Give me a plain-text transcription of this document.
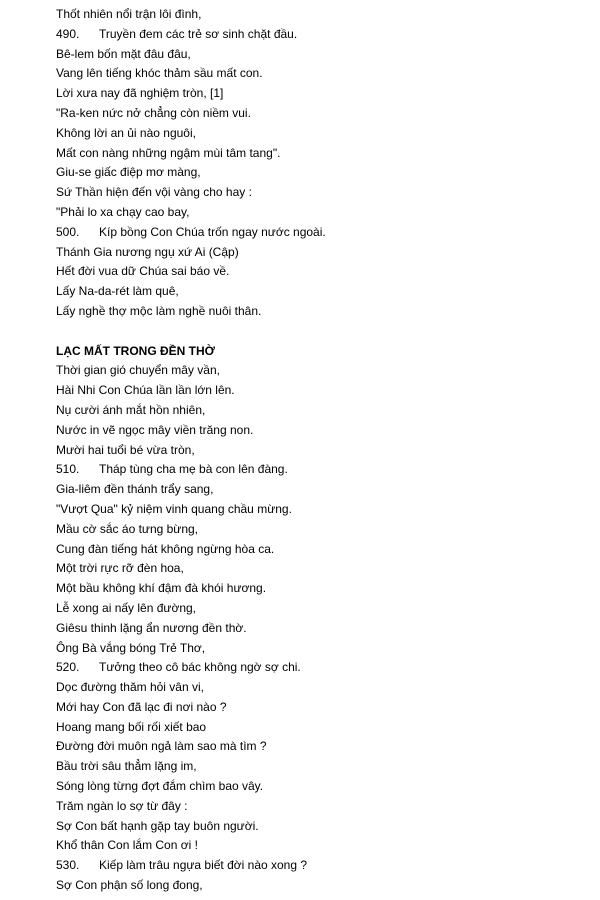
Thốt nhiên nổi trận lôi đình,
490. Truyền đem các trẻ sơ sinh chặt đầu.
Bê-lem bốn mặt đâu đâu,
Vang lên tiếng khóc thảm sầu mất con.
Lời xưa nay đã nghiệm tròn, [1]
"Ra-ken nức nở chẳng còn niềm vui.
Không lời an ủi nào nguôi,
Mất con nàng những ngậm mùi tâm tang".
Giu-se giấc điệp mơ màng,
Sứ Thần hiện đến vội vàng cho hay :
"Phải lo xa chạy cao bay,
500. Kíp bồng Con Chúa trốn ngay nước ngoài.
Thánh Gia nương ngụ xứ Ai (Cập)
Hết đời vua dữ Chúa sai báo về.
Lấy Na-da-rét làm quê,
Lấy nghề thợ mộc làm nghề nuôi thân.
LẠC MẤT TRONG ĐỀN THỜ
Thời gian gió chuyển mây vần,
Hài Nhi Con Chúa lần lần lớn lên.
Nụ cười ánh mắt hồn nhiên,
Nước in vẽ ngọc mây viền trăng non.
Mười hai tuổi bé vừa tròn,
510. Tháp tùng cha mẹ bà con lên đàng.
Gia-liêm đền thánh trẩy sang,
"Vượt Qua" kỷ niệm vinh quang chầu mừng.
Mầu cờ sắc áo tưng bừng,
Cung đàn tiếng hát không ngừng hòa ca.
Một trời rực rỡ đèn hoa,
Một bầu không khí đậm đà khói hương.
Lễ xong ai nấy lên đường,
Giêsu thinh lặng ẩn nương đền thờ.
Ông Bà vắng bóng Trẻ Thơ,
520. Tưởng theo cô bác không ngờ sợ chi.
Dọc đường thăm hỏi vân vi,
Mới hay Con đã lạc đi nơi nào ?
Hoang mang bối rối xiết bao
Đường đời muôn ngả làm sao mà tìm ?
Bầu trời sâu thẳm lặng im,
Sóng lòng từng đợt đắm chìm bao vây.
Trăm ngàn lo sợ từ đây :
Sợ Con bất hạnh gặp tay buôn người.
Khổ thân Con lắm Con ơi !
530. Kiếp làm trâu ngựa biết đời nào xong ?
Sợ Con phận số long đong,
